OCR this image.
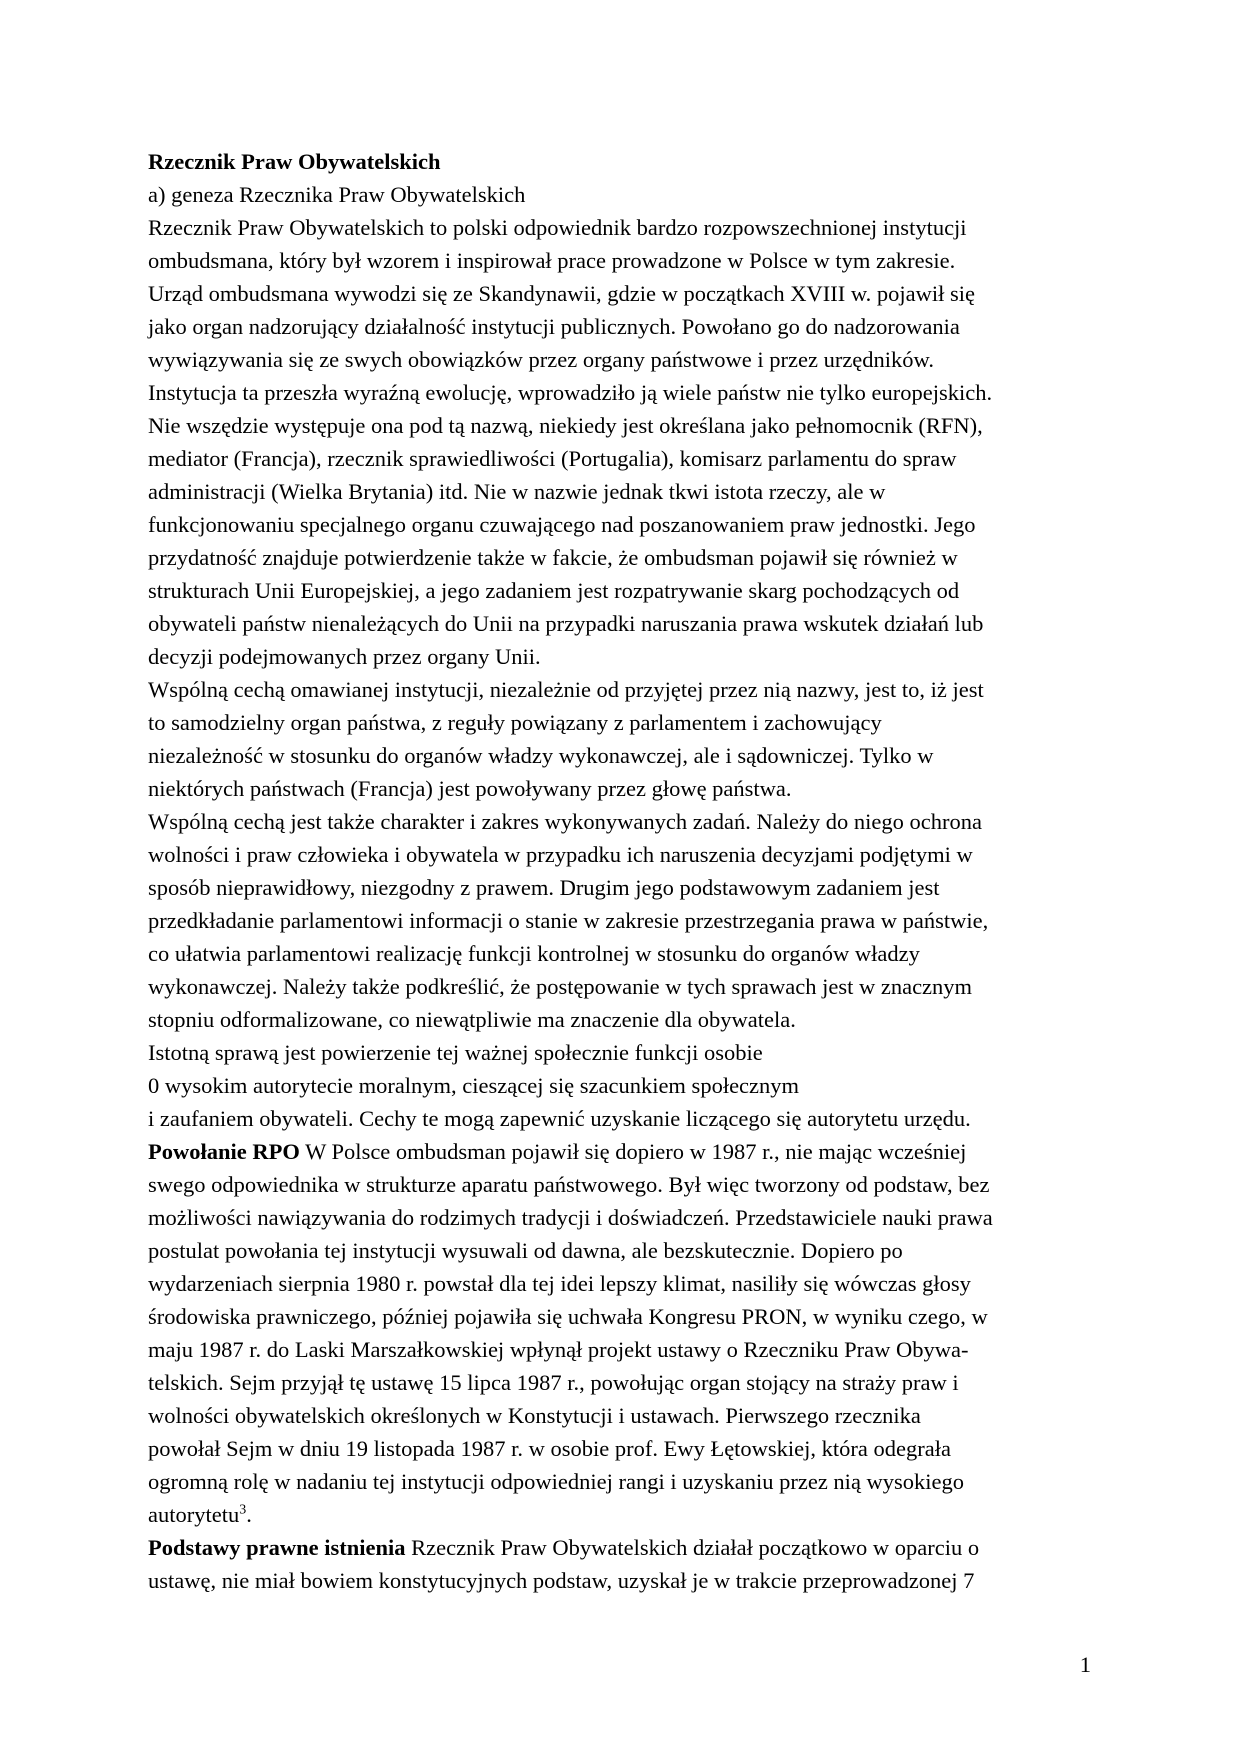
Rzecznik Praw Obywatelskich
a) geneza Rzecznika Praw Obywatelskich
Rzecznik Praw Obywatelskich to polski odpowiednik bardzo rozpowszechnionej instytucji
ombudsmana, który był wzorem i inspirował prace prowadzone w Polsce w tym zakresie.
Urząd ombudsmana wywodzi się ze Skandynawii, gdzie w początkach XVIII w. pojawił się
jako organ nadzorujący działalność instytucji publicznych. Powołano go do nadzorowania
wywiązywania się ze swych obowiązków przez organy państwowe i przez urzędników.
Instytucja ta przeszła wyraźną ewolucję, wprowadziło ją wiele państw nie tylko europejskich.
Nie wszędzie występuje ona pod tą nazwą, niekiedy jest określana jako pełnomocnik (RFN),
mediator (Francja), rzecznik sprawiedliwości (Portugalia), komisarz parlamentu do spraw
administracji (Wielka Brytania) itd. Nie w nazwie jednak tkwi istota rzeczy, ale w
funkcjonowaniu specjalnego organu czuwającego nad poszanowaniem praw jednostki. Jego
przydatność znajduje potwierdzenie także w fakcie, że ombudsman pojawił się również w
strukturach Unii Europejskiej, a jego zadaniem jest rozpatrywanie skarg pochodzących od
obywateli państw nienależących do Unii na przypadki naruszania prawa wskutek działań lub
decyzji podejmowanych przez organy Unii.
Wspólną cechą omawianej instytucji, niezależnie od przyjętej przez nią nazwy, jest to, iż jest
to samodzielny organ państwa, z reguły powiązany z parlamentem i zachowujący
niezależność w stosunku do organów władzy wykonawczej, ale i sądowniczej. Tylko w
niektórych państwach (Francja) jest powoływany przez głowę państwa.
Wspólną cechą jest także charakter i zakres wykonywanych zadań. Należy do niego ochrona
wolności i praw człowieka i obywatela w przypadku ich naruszenia decyzjami podjętymi w
sposób nieprawidłowy, niezgodny z prawem. Drugim jego podstawowym zadaniem jest
przedkładanie parlamentowi informacji o stanie w zakresie przestrzegania prawa w państwie,
co ułatwia parlamentowi realizację funkcji kontrolnej w stosunku do organów władzy
wykonawczej. Należy także podkreślić, że postępowanie w tych sprawach jest w znacznym
stopniu odformalizowane, co niewątpliwie ma znaczenie dla obywatela.
Istotną sprawą jest powierzenie tej ważnej społecznie funkcji osobie
0 wysokim autorytecie moralnym, cieszącej się szacunkiem społecznym
i zaufaniem obywateli. Cechy te mogą zapewnić uzyskanie liczącego się autorytetu urzędu.
Powołanie RPO W Polsce ombudsman pojawił się dopiero w 1987 r., nie mając wcześniej
swego odpowiednika w strukturze aparatu państwowego. Był więc tworzony od podstaw, bez
możliwości nawiązywania do rodzimych tradycji i doświadczeń. Przedstawiciele nauki prawa
postulat powołania tej instytucji wysuwali od dawna, ale bezskutecznie. Dopiero po
wydarzeniach sierpnia 1980 r. powstał dla tej idei lepszy klimat, nasiliły się wówczas głosy
środowiska prawniczego, później pojawiła się uchwała Kongresu PRON, w wyniku czego, w
maju 1987 r. do Laski Marszałkowskiej wpłynął projekt ustawy o Rzeczniku Praw Obywa-
telskich. Sejm przyjął tę ustawę 15 lipca 1987 r., powołując organ stojący na straży praw i
wolności obywatelskich określonych w Konstytucji i ustawach. Pierwszego rzecznika
powołał Sejm w dniu 19 listopada 1987 r. w osobie prof. Ewy Łętowskiej, która odegrała
ogromną rolę w nadaniu tej instytucji odpowiedniej rangi i uzyskaniu przez nią wysokiego
autorytetu$^3$.
Podstawy prawne istnienia Rzecznik Praw Obywatelskich działał początkowo w oparciu o
ustawę, nie miał bowiem konstytucyjnych podstaw, uzyskał je w trakcie przeprowadzonej 7
1
